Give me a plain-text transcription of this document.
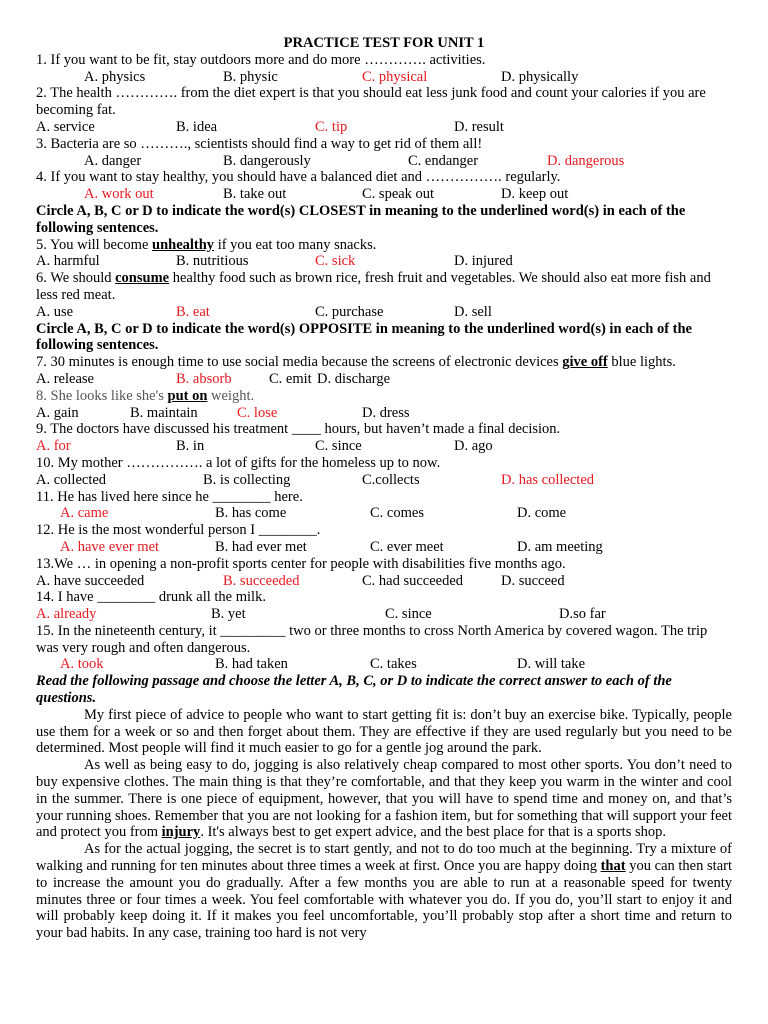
PRACTICE TEST FOR UNIT 1
1. If you want to be fit, stay outdoors more and do more …………. activities.
A. physics	B. physic	C. physical	D. physically
2. The health …………. from the diet expert is that you should eat less junk food and count your calories if you are becoming fat.
A. service	B. idea	C. tip	D. result
3. Bacteria are so ………., scientists should find a way to get rid of them all!
A. danger	B. dangerously	C. endanger	D. dangerous
4. If you want to stay healthy, you should have a balanced diet and ……………. regularly.
A. work out	B. take out	C. speak out	D. keep out
Circle A, B, C or D to indicate the word(s) CLOSEST in meaning to the underlined word(s) in each of the following sentences.
5. You will become unhealthy if you eat too many snacks.
A. harmful	B. nutritious	C. sick	D. injured
6. We should consume healthy food such as brown rice, fresh fruit and vegetables. We should also eat more fish and less red meat.
A. use	B. eat	C. purchase	D. sell
Circle A, B, C or D to indicate the word(s) OPPOSITE in meaning to the underlined word(s) in each of the following sentences.
7. 30 minutes is enough time to use social media because the screens of electronic devices give off blue lights.
A. release	B. absorb	C. emit D. discharge
8. She looks like she's put on weight.
A. gain	B. maintain	C. lose	D. dress
9. The doctors have discussed his treatment ____ hours, but haven’t made a final decision.
A. for	B. in	C. since	D. ago
10. My mother ……………. a lot of gifts for the homeless up to now.
A. collected	B. is collecting	C.collects	D. has collected
11. He has lived here since he ________ here.
A. came	B. has come	C. comes	D. come
12. He is the most wonderful person I ________.
A. have ever met	B. had ever met	C. ever meet	D. am meeting
13.We … in opening a non-profit sports center for people with disabilities five months ago.
A. have succeeded	B. succeeded	C. had succeeded	D. succeed
14. I have ________ drunk all the milk.
A. already	B. yet	C. since	D.so far
15. In the nineteenth century, it _________ two or three months to cross North America by covered wagon. The trip was very rough and often dangerous.
A. took	B. had taken	C. takes	D. will take
Read the following passage and choose the letter A, B, C, or D to indicate the correct answer to each of the questions.
My first piece of advice to people who want to start getting fit is: don’t buy an exercise bike. Typically, people use them for a week or so and then forget about them. They are effective if they are used regularly but you need to be determined. Most people will find it much easier to go for a gentle jog around the park.
As well as being easy to do, jogging is also relatively cheap compared to most other sports. You don’t need to buy expensive clothes. The main thing is that they’re comfortable, and that they keep you warm in the winter and cool in the summer. There is one piece of equipment, however, that you will have to spend time and money on, and that’s your running shoes. Remember that you are not looking for a fashion item, but for something that will support your feet and protect you from injury. It's always best to get expert advice, and the best place for that is a sports shop.
As for the actual jogging, the secret is to start gently, and not to do too much at the beginning. Try a mixture of walking and running for ten minutes about three times a week at first. Once you are happy doing that you can then start to increase the amount you do gradually. After a few months you are able to run at a reasonable speed for twenty minutes three or four times a week. You feel comfortable with whatever you do. If you do, you’ll start to enjoy it and will probably keep doing it. If it makes you feel uncomfortable, you’ll probably stop after a short time and return to your bad habits. In any case, training too hard is not very
